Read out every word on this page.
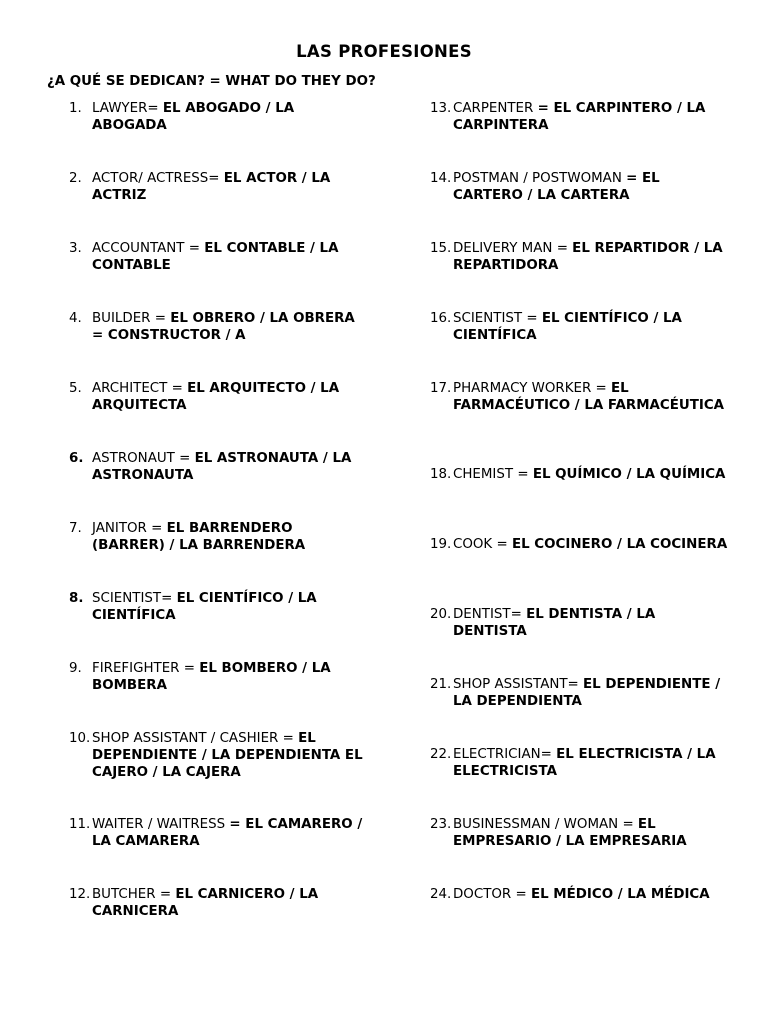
LAS PROFESIONES
¿A QUÉ SE DEDICAN? = WHAT DO THEY DO?
1. LAWYER= EL ABOGADO / LA ABOGADA
2. ACTOR/ ACTRESS= EL ACTOR / LA ACTRIZ
3. ACCOUNTANT = EL CONTABLE / LA CONTABLE
4. BUILDER = EL OBRERO / LA OBRERA = CONSTRUCTOR / A
5. ARCHITECT = EL ARQUITECTO / LA ARQUITECTA
6. ASTRONAUT = EL ASTRONAUTA / LA ASTRONAUTA
7. JANITOR = EL BARRENDERO (BARRER) / LA BARRENDERA
8. SCIENTIST= EL CIENTÍFICO / LA CIENTÍFICA
9. FIREFIGHTER = EL BOMBERO / LA BOMBERA
10. SHOP ASSISTANT / CASHIER = EL DEPENDIENTE / LA DEPENDIENTA EL CAJERO / LA CAJERA
11. WAITER / WAITRESS = EL CAMARERO / LA CAMARERA
12. BUTCHER = EL CARNICERO / LA CARNICERA
13. CARPENTER = EL CARPINTERO / LA CARPINTERA
14. POSTMAN / POSTWOMAN = EL CARTERO / LA CARTERA
15. DELIVERY MAN = EL REPARTIDOR / LA REPARTIDORA
16. SCIENTIST = EL CIENTÍFICO / LA CIENTÍFICA
17. PHARMACY WORKER = EL FARMACÉUTICO / LA FARMACÉUTICA
18. CHEMIST = EL QUÍMICO / LA QUÍMICA
19. COOK = EL COCINERO / LA COCINERA
20. DENTIST= EL DENTISTA / LA DENTISTA
21. SHOP ASSISTANT= EL DEPENDIENTE / LA DEPENDIENTA
22. ELECTRICIAN= EL ELECTRICISTA / LA ELECTRICISTA
23. BUSINESSMAN / WOMAN = EL EMPRESARIO / LA EMPRESARIA
24. DOCTOR = EL MÉDICO / LA MÉDICA
